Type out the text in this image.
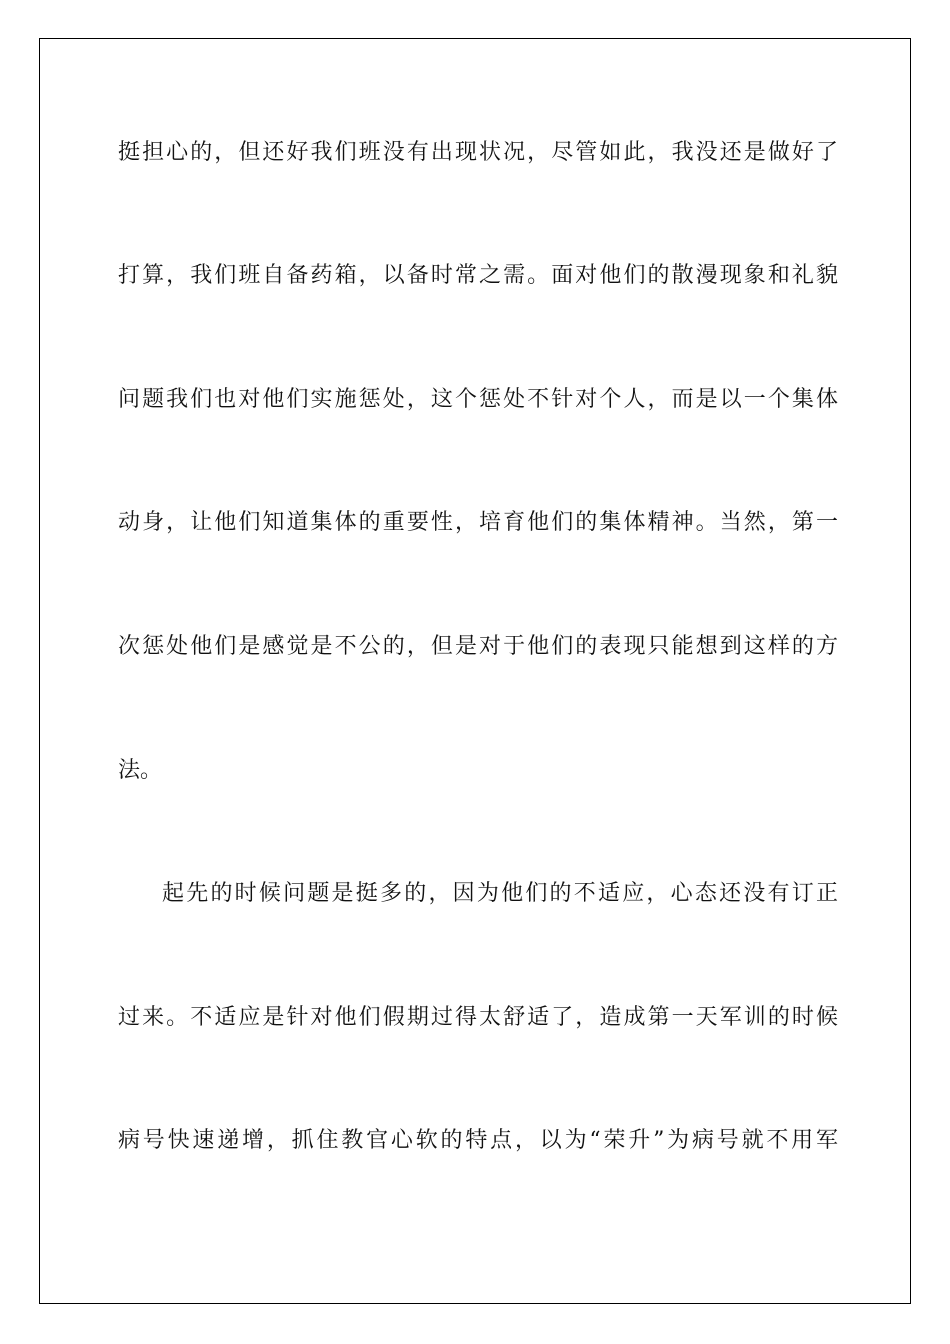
挺担心的，但还好我们班没有出现状况，尽管如此，我没还是做好了
打算，我们班自备药箱，以备时常之需。面对他们的散漫现象和礼貌
问题我们也对他们实施惩处，这个惩处不针对个人，而是以一个集体
动身，让他们知道集体的重要性，培育他们的集体精神。当然，第一
次惩处他们是感觉是不公的，但是对于他们的表现只能想到这样的方
法。
起先的时候问题是挺多的，因为他们的不适应，心态还没有订正
过来。不适应是针对他们假期过得太舒适了，造成第一天军训的时候
病号快速递增，抓住教官心软的特点，以为“荣升”为病号就不用军
